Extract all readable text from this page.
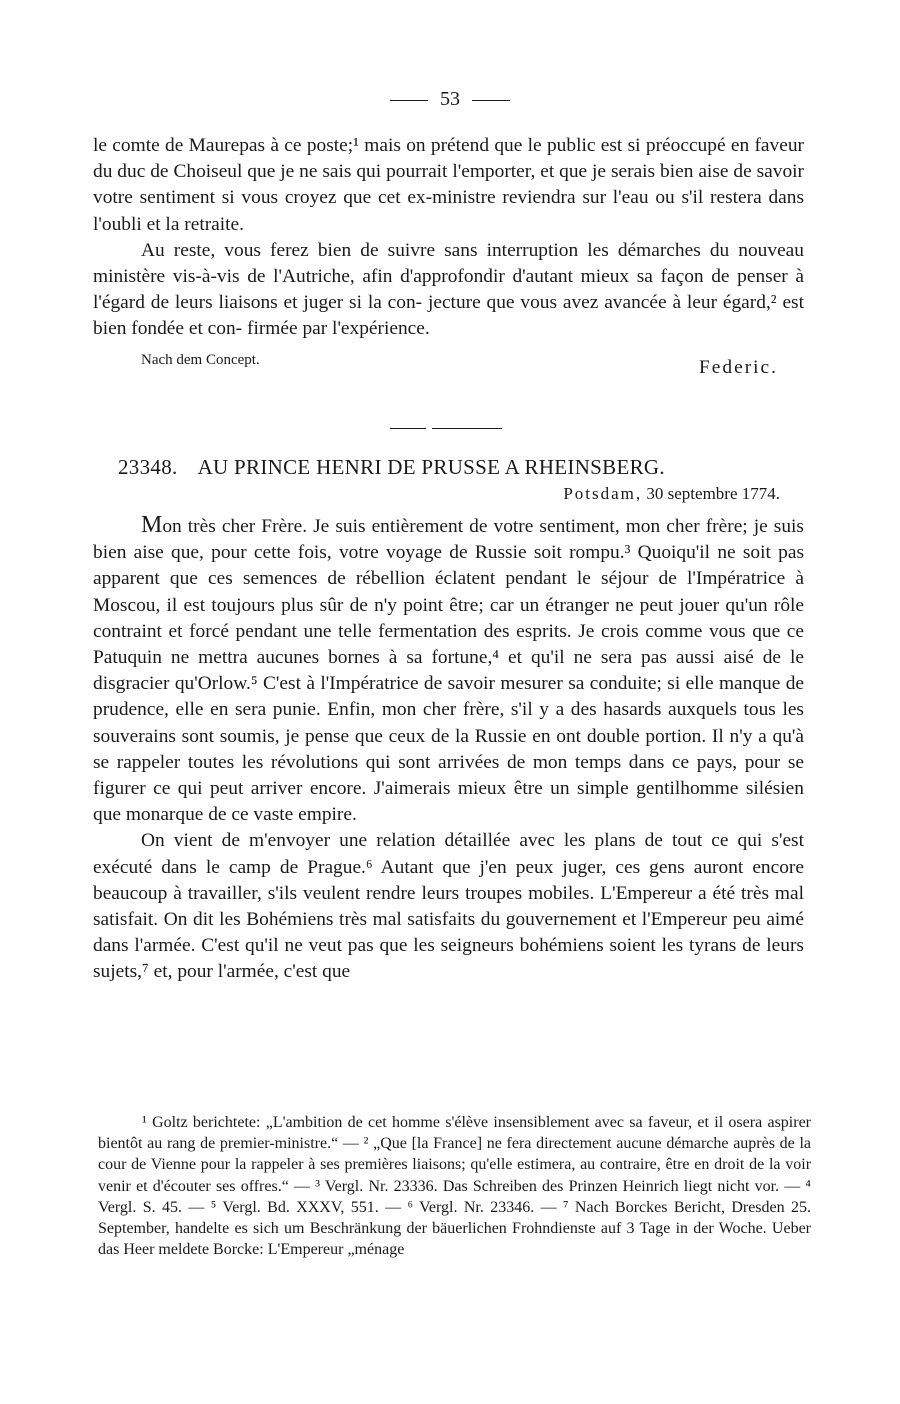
53

le comte de Maurepas à ce poste;¹ mais on prétend que le public est si préoccupé en faveur du duc de Choiseul que je ne sais qui pourrait l'emporter, et que je serais bien aise de savoir votre sentiment si vous croyez que cet ex-ministre reviendra sur l'eau ou s'il restera dans l'oubli et la retraite.

Au reste, vous ferez bien de suivre sans interruption les démarches du nouveau ministère vis-à-vis de l'Autriche, afin d'approfondir d'autant mieux sa façon de penser à l'égard de leurs liaisons et juger si la con- jecture que vous avez avancée à leur égard,² est bien fondée et con- firmée par l'expérience.

Federic.
Nach dem Concept.
23348. AU PRINCE HENRI DE PRUSSE A RHEINSBERG.
Potsdam, 30 septembre 1774.

Mon très cher Frère. Je suis entièrement de votre sentiment, mon cher frère; je suis bien aise que, pour cette fois, votre voyage de Russie soit rompu.³ Quoiqu'il ne soit pas apparent que ces semences de rébellion éclatent pendant le séjour de l'Impératrice à Moscou, il est toujours plus sûr de n'y point être; car un étranger ne peut jouer qu'un rôle contraint et forcé pendant une telle fermentation des esprits. Je crois comme vous que ce Patuquin ne mettra aucunes bornes à sa fortune,⁴ et qu'il ne sera pas aussi aisé de le disgracier qu'Orlow.⁵ C'est à l'Impératrice de savoir mesurer sa conduite; si elle manque de prudence, elle en sera punie. Enfin, mon cher frère, s'il y a des hasards auxquels tous les souverains sont soumis, je pense que ceux de la Russie en ont double portion. Il n'y a qu'à se rappeler toutes les révolutions qui sont arrivées de mon temps dans ce pays, pour se figurer ce qui peut arriver encore. J'aimerais mieux être un simple gentilhomme silésien que monarque de ce vaste empire.

On vient de m'envoyer une relation détaillée avec les plans de tout ce qui s'est exécuté dans le camp de Prague.⁶ Autant que j'en peux juger, ces gens auront encore beaucoup à travailler, s'ils veulent rendre leurs troupes mobiles. L'Empereur a été très mal satisfait. On dit les Bohémiens très mal satisfaits du gouvernement et l'Empereur peu aimé dans l'armée. C'est qu'il ne veut pas que les seigneurs bohémiens soient les tyrans de leurs sujets,⁷ et, pour l'armée, c'est que

¹ Goltz berichtete: „L'ambition de cet homme s'élève insensiblement avec sa faveur, et il osera aspirer bientôt au rang de premier-ministre.“ — ² „Que [la France] ne fera directement aucune démarche auprès de la cour de Vienne pour la rappeler à ses premières liaisons; qu'elle estimera, au contraire, être en droit de la voir venir et d'écouter ses offres.“ — ³ Vergl. Nr. 23336. Das Schreiben des Prinzen Heinrich liegt nicht vor. — ⁴ Vergl. S. 45. — ⁵ Vergl. Bd. XXXV, 551. — ⁶ Vergl. Nr. 23346. — ⁷ Nach Borckes Bericht, Dresden 25. September, handelte es sich um Beschränkung der bäuerlichen Frohndienste auf 3 Tage in der Woche. Ueber das Heer meldete Borcke: L'Empereur „ménage
